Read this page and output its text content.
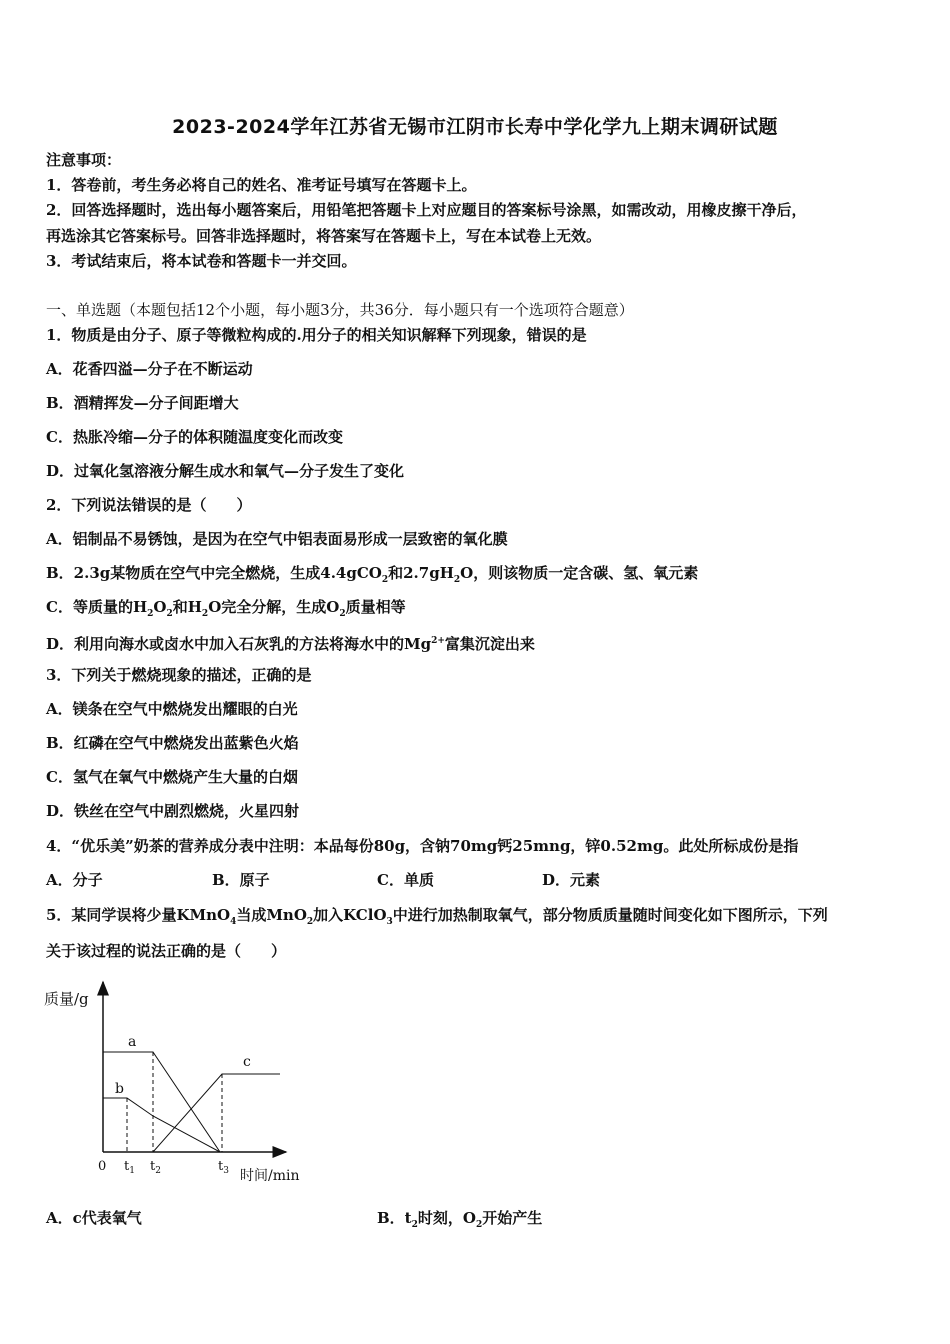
2023-2024学年江苏省无锡市江阴市长寿中学化学九上期末调研试题
注意事项：
1．答卷前，考生务必将自己的姓名、准考证号填写在答题卡上。
2．回答选择题时，选出每小题答案后，用铅笔把答题卡上对应题目的答案标号涂黑，如需改动，用橡皮擦干净后，
再选涂其它答案标号。回答非选择题时，将答案写在答题卡上，写在本试卷上无效。
3．考试结束后，将本试卷和答题卡一并交回。
一、单选题（本题包括12个小题，每小题3分，共36分．每小题只有一个选项符合题意）
1．物质是由分子、原子等微粒构成的.用分子的相关知识解释下列现象，错误的是
A．花香四溢—分子在不断运动
B．酒精挥发—分子间距增大
C．热胀冷缩—分子的体积随温度变化而改变
D．过氧化氢溶液分解生成水和氧气—分子发生了变化
2．下列说法错误的是（　　）
A．铝制品不易锈蚀，是因为在空气中铝表面易形成一层致密的氧化膜
B．2.3g某物质在空气中完全燃烧，生成4.4gCO$_2$和$2.7gH_2O$，则该物质一定含碳、氢、氧元素
C．等质量的$H_2O_2$和$H_2O$完全分解，生成$O_2$质量相等
D．利用向海水或卤水中加入石灰乳的方法将海水中的$Mg^{2+}$富集沉淀出来
3．下列关于燃烧现象的描述，正确的是
A．镁条在空气中燃烧发出耀眼的白光
B．红磷在空气中燃烧发出蓝紫色火焰
C．氢气在氧气中燃烧产生大量的白烟
D．铁丝在空气中剧烈燃烧，火星四射
4．“优乐美”奶茶的营养成分表中注明：本品每份80g，含钠70mg钙25mng，锌0.52mg。此处所标成份是指
A．分子	B．原子	C．单质	D．元素
5．某同学误将少量KMnO$_4$当成MnO$_2$加入KClO$_3$中进行加热制取氧气，部分物质质量随时间变化如下图所示，下列
关于该过程的说法正确的是（　　）
质量/g
a
b
c
0 $t_1$ $t_2$	$t_3$ 时间/min
A．c代表氧气	B．$t_2$时刻，$O_2$开始产生
